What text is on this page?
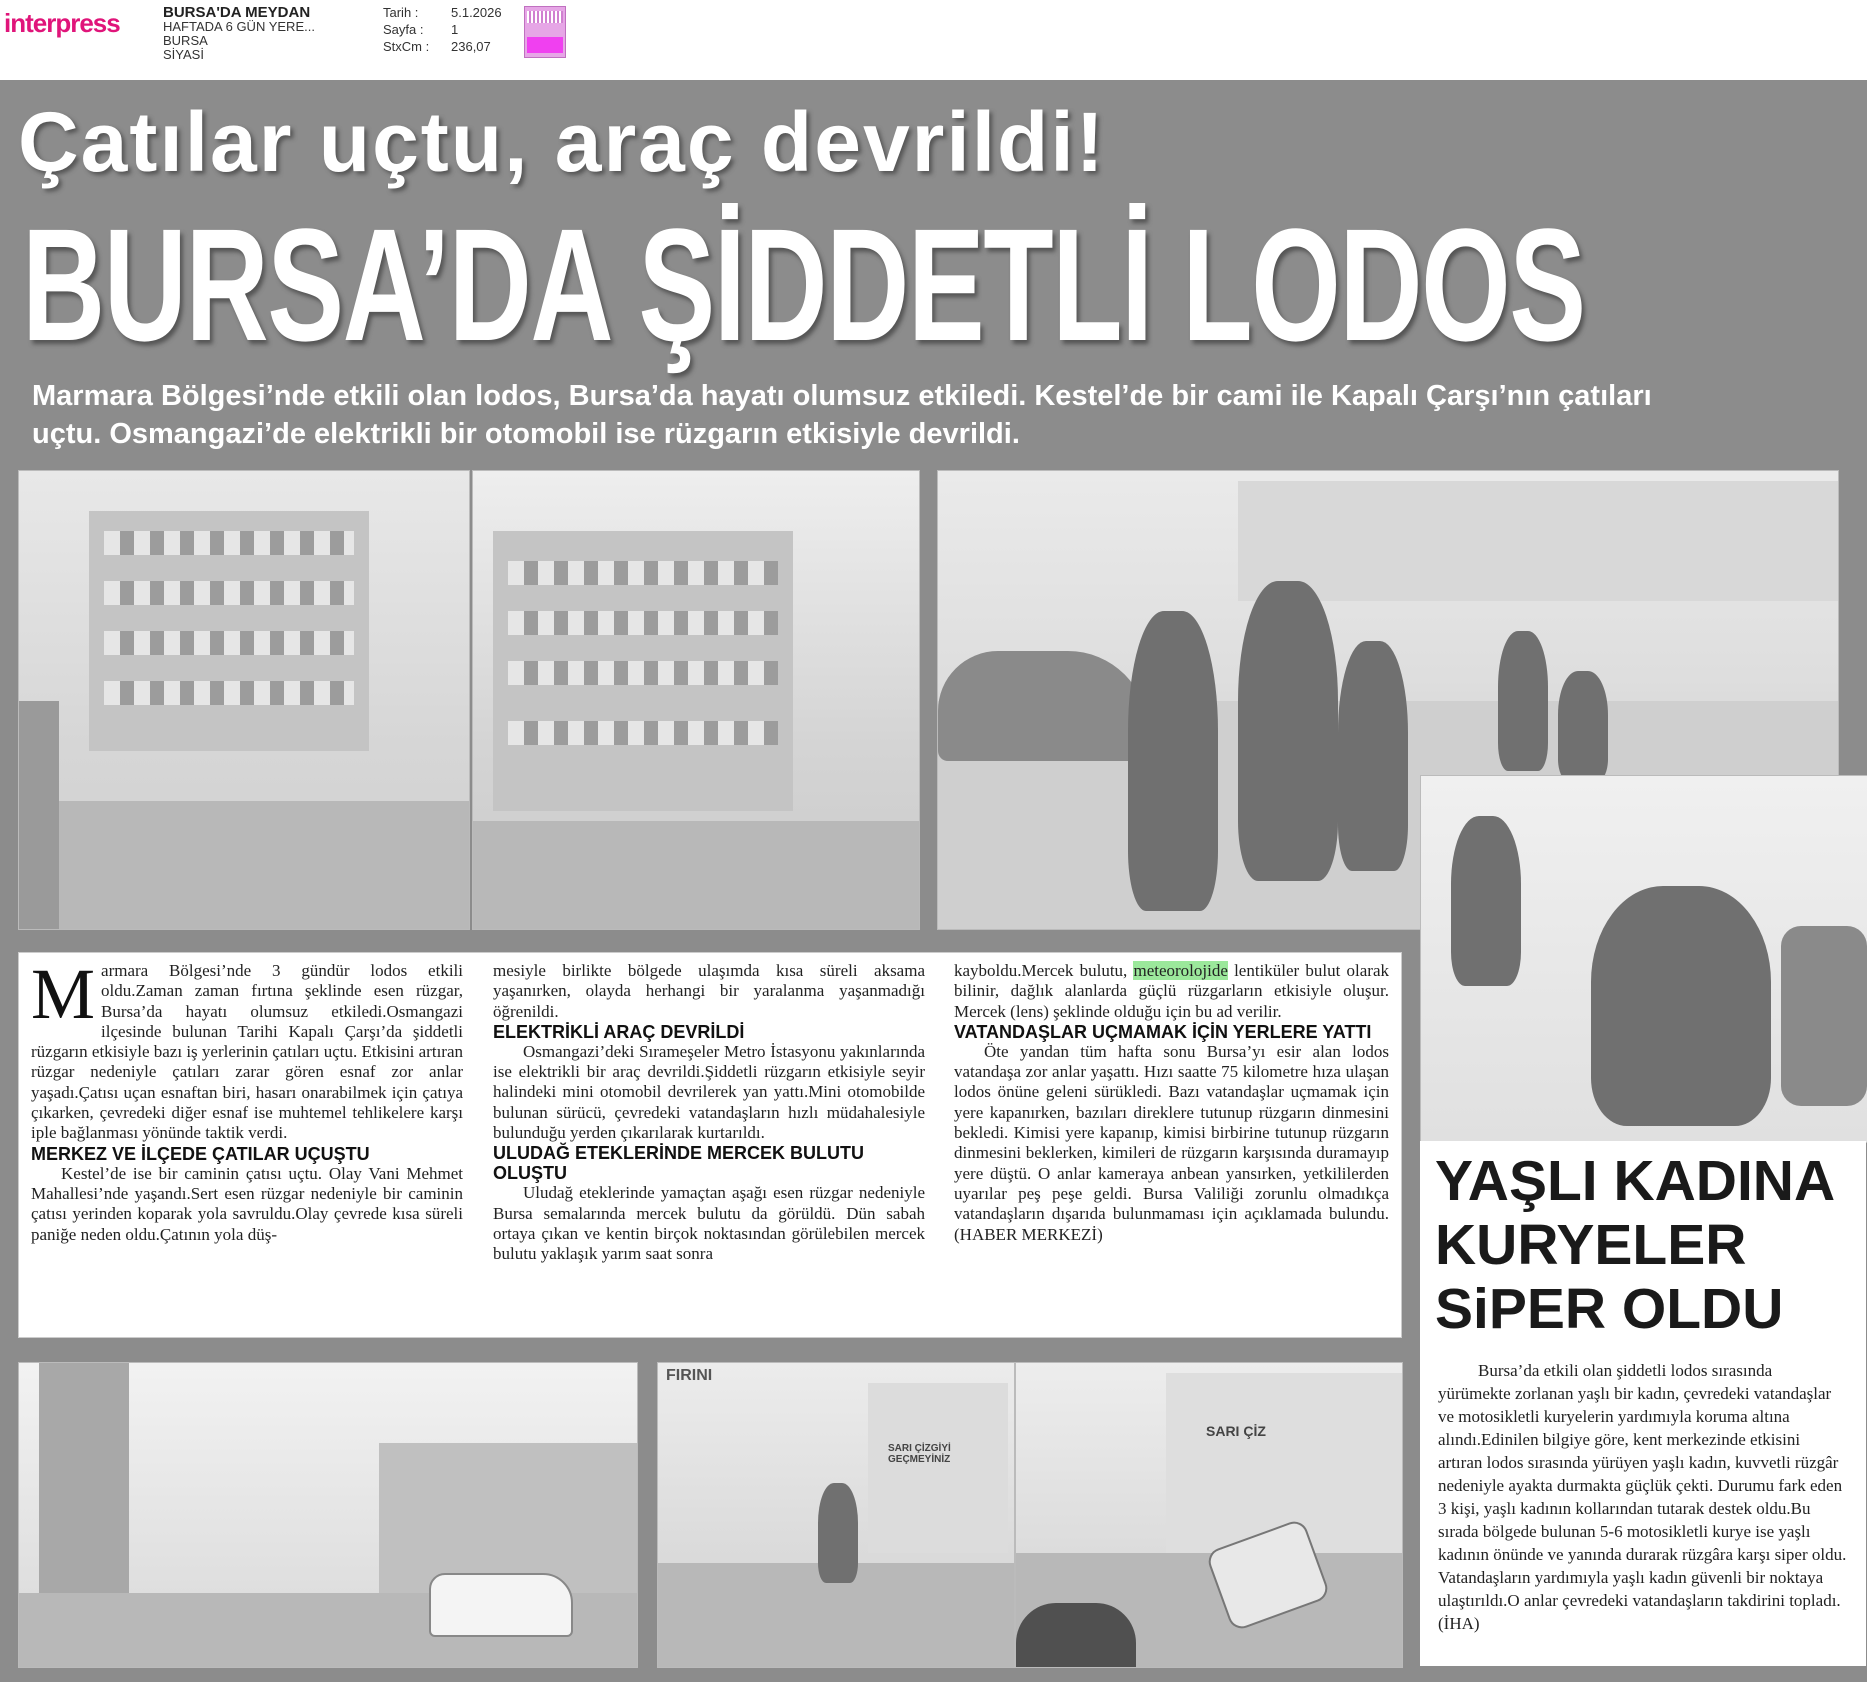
interpress	BURSA'DA MEYDAN
HAFTADA 6 GÜN YERE...
BURSA
SİYASİ
Tarih :	5.1.2026
Sayfa : 1
StxCm : 236,07
Çatılar uçtu, araç devrildi!
BURSA’DA ŞİDDETLİ LODOS
Marmara Bölgesi’nde etkili olan lodos, Bursa’da hayatı olumsuz etkiledi. Kestel’de bir cami ile Kapalı Çarşı’nın çatıları uçtu. Osmangazi’de elektrikli bir otomobil ise rüzgarın etkisiyle devrildi.
FIRINI
SARI ÇİZGİYİ GEÇMEYİNİZ
SARI ÇİZ
M armara Bölgesi’nde 3 gündür lodos etkili oldu.Zaman zaman fırtına şeklinde esen rüzgar, Bursa’da hayatı olumsuz etkiledi.Osmangazi ilçesinde bulunan Tarihi Kapalı Çarşı’da şiddetli rüzgarın etkisiyle bazı iş yerlerinin çatıları uçtu. Etkisini artıran rüzgar nedeniyle çatıları zarar gören esnaf zor anlar yaşadı.Çatısı uçan esnaftan biri, hasarı onarabilmek için çatıya çıkarken, çevredeki diğer esnaf ise muhtemel tehlikelere karşı iple bağlanması yönünde taktik verdi.

MERKEZ VE İLÇEDE ÇATILAR UÇUŞTU

Kestel’de ise bir caminin çatısı uçtu. Olay Vani Mehmet Mahallesi’nde yaşandı.Sert esen rüzgar nedeniyle bir caminin çatısı yerinden koparak yola savruldu.Olay çevrede kısa süreli paniğe neden oldu.Çatının yola düş-

mesiyle birlikte bölgede ulaşımda kısa süreli aksama yaşanırken, olayda herhangi bir yaralanma yaşanmadığı öğrenildi.

ELEKTRİKLİ ARAÇ DEVRİLDİ

Osmangazi’deki Sırameşeler Metro İstasyonu yakınlarında ise elektrikli bir araç devrildi.Şiddetli rüzgarın etkisiyle seyir halindeki mini otomobil devrilerek yan yattı.Mini otomobilde bulunan sürücü, çevredeki vatandaşların hızlı müdahalesiyle bulunduğu yerden çıkarılarak kurtarıldı.

ULUDAĞ ETEKLERİNDE MERCEK BULUTU OLUŞTU

Uludağ eteklerinde yamaçtan aşağı esen rüzgar nedeniyle Bursa semalarında mercek bulutu da görüldü. Dün sabah ortaya çıkan ve kentin birçok noktasından görülebilen mercek bulutu yaklaşık yarım saat sonra

kayboldu.Mercek bulutu, meteorolojide lentiküler bulut olarak bilinir, dağlık alanlarda güçlü rüzgarların etkisiyle oluşur. Mercek (lens) şeklinde olduğu için bu ad verilir.

VATANDAŞLAR UÇMAMAK İÇİN YERLERE YATTI

Öte yandan tüm hafta sonu Bursa’yı esir alan lodos vatandaşa zor anlar yaşattı. Hızı saatte 75 kilometre hıza ulaşan lodos önüne geleni sürükledi. Bazı vatandaşlar uçmamak için yere kapanırken, bazıları direklere tutunup rüzgarın dinmesini bekledi. Kimisi yere kapanıp, kimisi birbirine tutunup rüzgarın dinmesini beklerken, kimileri de rüzgarın karşısında duramayıp yere düştü. O anlar kameraya anbean yansırken, yetkililerden uyarılar peş peşe geldi. Bursa Valiliği zorunlu olmadıkça vatandaşların dışarıda bulunmaması için açıklamada bulundu.(HABER MERKEZİ)

YAŞLI KADINA
KURYELER
SiPER OLDU

Bursa’da etkili olan şiddetli lodos sırasında yürümekte zorlanan yaşlı bir kadın, çevredeki vatandaşlar ve motosikletli kuryelerin yardımıyla koruma altına alındı.Edinilen bilgiye göre, kent merkezinde etkisini artıran lodos sırasında yürüyen yaşlı kadın, kuvvetli rüzgâr nedeniyle ayakta durmakta güçlük çekti. Durumu fark eden 3 kişi, yaşlı kadının kollarından tutarak destek oldu.Bu sırada bölgede bulunan 5-6 motosikletli kurye ise yaşlı kadının önünde ve yanında durarak rüzgâra karşı siper oldu. Vatandaşların yardımıyla yaşlı kadın güvenli bir noktaya ulaştırıldı.O anlar çevredeki vatandaşların takdirini topladı.(İHA)
